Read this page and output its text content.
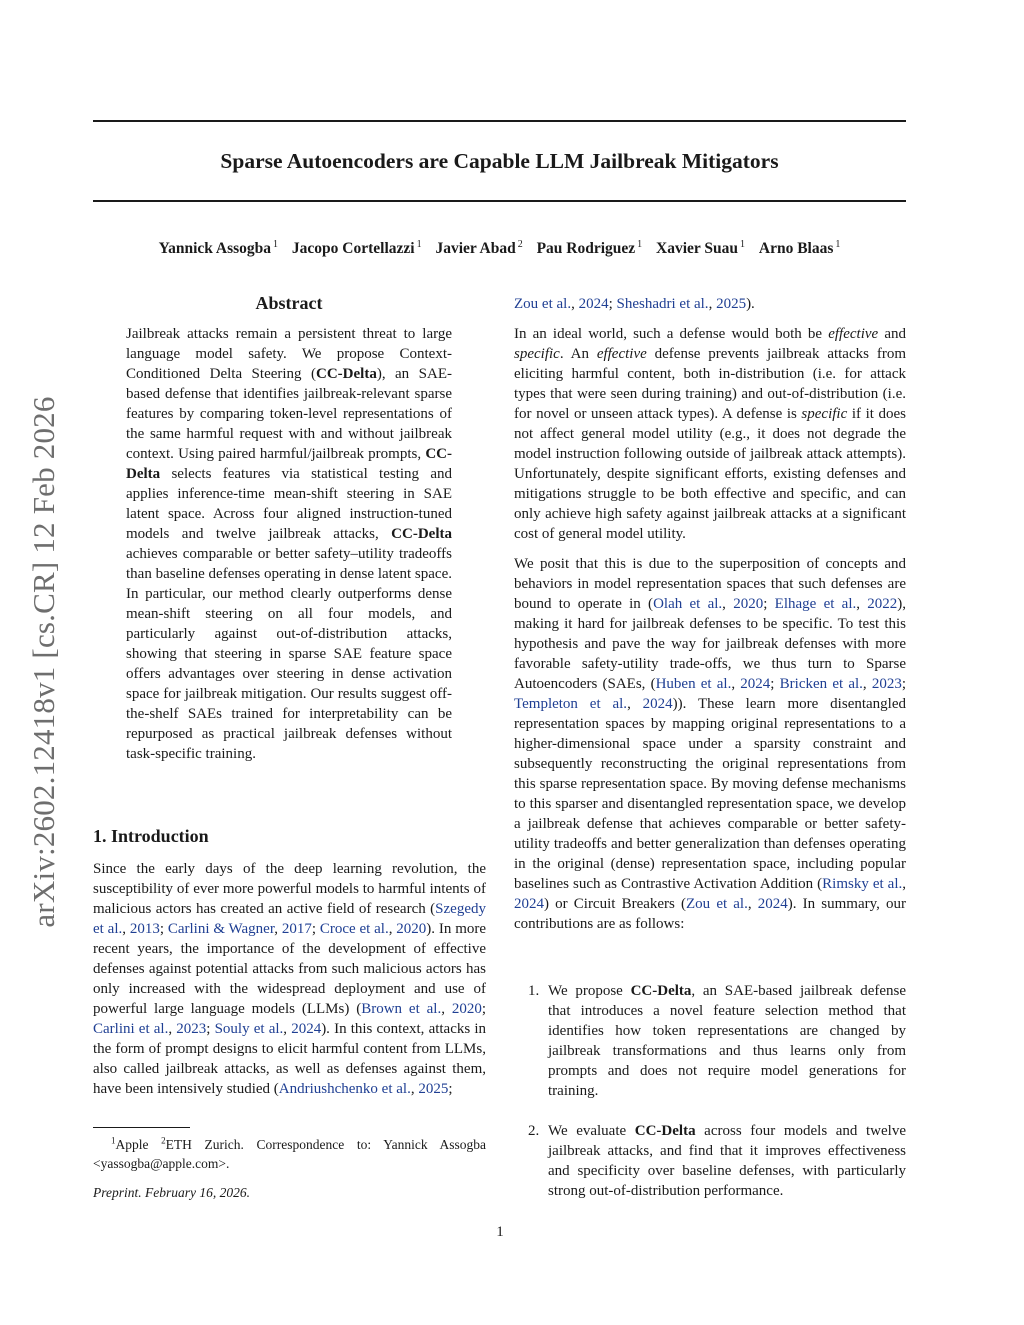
Sparse Autoencoders are Capable LLM Jailbreak Mitigators
Yannick Assogba $^1$ Jacopo Cortellazzi $^1$ Javier Abad $^2$ Pau Rodriguez $^1$ Xavier Suau $^1$ Arno Blaas $^1$
arXiv:2602.12418v1 [cs.CR] 12 Feb 2026
Abstract

Jailbreak attacks remain a persistent threat to large language model safety. We propose Context-Conditioned Delta Steering (CC-Delta), an SAE-based defense that identifies jailbreak-relevant sparse features by comparing token-level representations of the same harmful request with and without jailbreak context. Using paired harmful/jailbreak prompts, CC-Delta selects features via statistical testing and applies inference-time mean-shift steering in SAE latent space. Across four aligned instruction-tuned models and twelve jailbreak attacks, CC-Delta achieves comparable or better safety–utility tradeoffs than baseline defenses operating in dense latent space. In particular, our method clearly outperforms dense mean-shift steering on all four models, and particularly against out-of-distribution attacks, showing that steering in sparse SAE feature space offers advantages over steering in dense activation space for jailbreak mitigation. Our results suggest off-the-shelf SAEs trained for interpretability can be repurposed as practical jailbreak defenses without task-specific training.

1. Introduction

Since the early days of the deep learning revolution, the susceptibility of ever more powerful models to harmful intents of malicious actors has created an active field of research (Szegedy et al., 2013; Carlini & Wagner, 2017; Croce et al., 2020). In more recent years, the importance of the development of effective defenses against potential attacks from such malicious actors has only increased with the widespread deployment and use of powerful large language models (LLMs) (Brown et al., 2020; Carlini et al., 2023; Souly et al., 2024). In this context, attacks in the form of prompt designs to elicit harmful content from LLMs, also called jailbreak attacks, as well as defenses against them, have been intensively studied (Andriushchenko et al., 2025;

$^1$Apple $^2$ETH Zurich. Correspondence to: Yannick Assogba <yassogba@apple.com>.
Preprint. February 16, 2026.

Zou et al., 2024; Sheshadri et al., 2025).

In an ideal world, such a defense would both be effective and specific. An effective defense prevents jailbreak attacks from eliciting harmful content, both in-distribution (i.e. for attack types that were seen during training) and out-of-distribution (i.e. for novel or unseen attack types). A defense is specific if it does not affect general model utility (e.g., it does not degrade the model instruction following outside of jailbreak attack attempts). Unfortunately, despite significant efforts, existing defenses and mitigations struggle to be both effective and specific, and can only achieve high safety against jailbreak attacks at a significant cost of general model utility.

We posit that this is due to the superposition of concepts and behaviors in model representation spaces that such defenses are bound to operate in (Olah et al., 2020; Elhage et al., 2022), making it hard for jailbreak defenses to be specific. To test this hypothesis and pave the way for jailbreak defenses with more favorable safety-utility trade-offs, we thus turn to Sparse Autoencoders (SAEs, (Huben et al., 2024; Bricken et al., 2023; Templeton et al., 2024)). These learn more disentangled representation spaces by mapping original representations to a higher-dimensional space under a sparsity constraint and subsequently reconstructing the original representations from this sparse representation space. By moving defense mechanisms to this sparser and disentangled representation space, we develop a jailbreak defense that achieves comparable or better safety-utility tradeoffs and better generalization than defenses operating in the original (dense) representation space, including popular baselines such as Contrastive Activation Addition (Rimsky et al., 2024) or Circuit Breakers (Zou et al., 2024). In summary, our contributions are as follows:

1. We propose CC-Delta, an SAE-based jailbreak defense that introduces a novel feature selection method that identifies how token representations are changed by jailbreak transformations and thus learns only from prompts and does not require model generations for training.
2. We evaluate CC-Delta across four models and twelve jailbreak attacks, and find that it improves effectiveness and specificity over baseline defenses, with particularly strong out-of-distribution performance.
1
